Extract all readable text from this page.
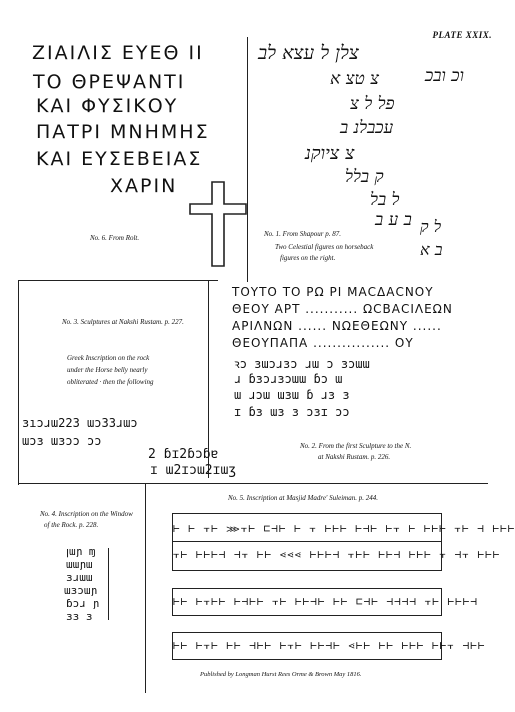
PLATE XXIX.
ΖΙΑΙΛΙΣ ΕΥΕΘ ΙΙ
ΤΟ ΘΡΕΨΑΝΤΙ
ΚΑΙ ΦΥΣΙΚΟΥ
ΠΑΤΡΙ ΜΝΗΜΗΣ
ΚΑΙ ΕΥΣΕΒΕΙΑΣ
ΧΑΡΙΝ
No. 6. From Rolt.
צלן ל עצא לב
וכ ובכ
צ טצ א
פל ל צ
עכבלנ ב
צ ציוקנ
ק בלל
ל בל
ב ע ב ל ק
ב א
No. 1. From Shapour p. 87.
Two Celestial figures on horseback
figures on the right.
No. 3. Sculptures at Nakshi Rustam. p. 227.
Greek Inscription on the rock
under the Horse belly nearly
obliterated · then the following
ɜıɔɹɯ223 ɯɔ33ɹɯɔ
ɯɔɜ ɯɜɔɔ ɔɔ
2 ɓɪ2ɓɔɓɐ
ɪ ɯ2ɪɔɯ2ɪɯʒ
ΤΟΥΤΟ ΤΟ ΡΩ ΡΙ ΜΑCΔΑCΝΟΥ
ΘΕΟΥ ΑΡΤ ........... ΩCΒΑCΙΛΕΩΝ
ΑΡΙΛΝΩΝ ...... ΝΩΕΘΕΩΝΥ ......
ΘΕΟΥΠΑΠΑ ................ ΟΥ
ꝛɔ ɜɯɔɹɜɔ ɹɯ ɔ ɜɔɯɯ
ɹ ɓɜɔɹɜɔɯɯ ɓɔ ɯ
ɯ ɹɔɯ ɯɜɯ ɓ ɹɜ ɜ
ɪ ɓɜ ɯɜ ɜ ɔɜɪ ɔɔ
No. 2. From the first Sculpture to the N.
at Nakshi Rustam. p. 226.
No. 4. Inscription on the Window
of the Rock. p. 228.
ꞁɯɲ ɱ
ɯɯɲɯ
ɜɹɯɯ
ɯɜɔɯɲ
ɓɔɹ ɲ
ɜɜ ɜ
No. 5. Inscription at Masjid Madre' Suleiman. p. 244.
⊢ ⊢ ⫟⊢ ⋙⫟⊢ ⊏⊣⊢ ⊢ ⫟ ⊢⊢⊢ ⊢⊣⊢ ⊢⫟ ⊢ ⊢⊢⊢ ⫟⊢ ⊣ ⊢⊢⊢
⫟⊢ ⊢⊢⊢⊣ ⊣⫟ ⊢⊢ ⋖⋖⋖ ⊢⊢⊢⊣ ⫟⊢⊢ ⊢⊢⊣ ⊢⊢⊢ ⫟ ⊣⫟ ⊢⊢⊢
⊢⊢ ⊢⫟⊢⊢ ⊢⊣⊢⊢ ⫟⊢ ⊢⊢⊣⊢ ⊢⊢ ⊏⊣⊢ ⊣⊣⊣⊣ ⫟⊢ ⊢⊢⊢⊣
⊢⊢ ⊢⫟⊢ ⊢⊢ ⊣⊢⊢ ⊢⫟⊢ ⊢⊢⊣⊢ ⋖⊢⊢ ⊢⊢ ⊢⊢⊢ ⊢⊢⫟ ⊣⊢⊢
Published by Longman Hurst Rees Orme & Brown May 1816.
